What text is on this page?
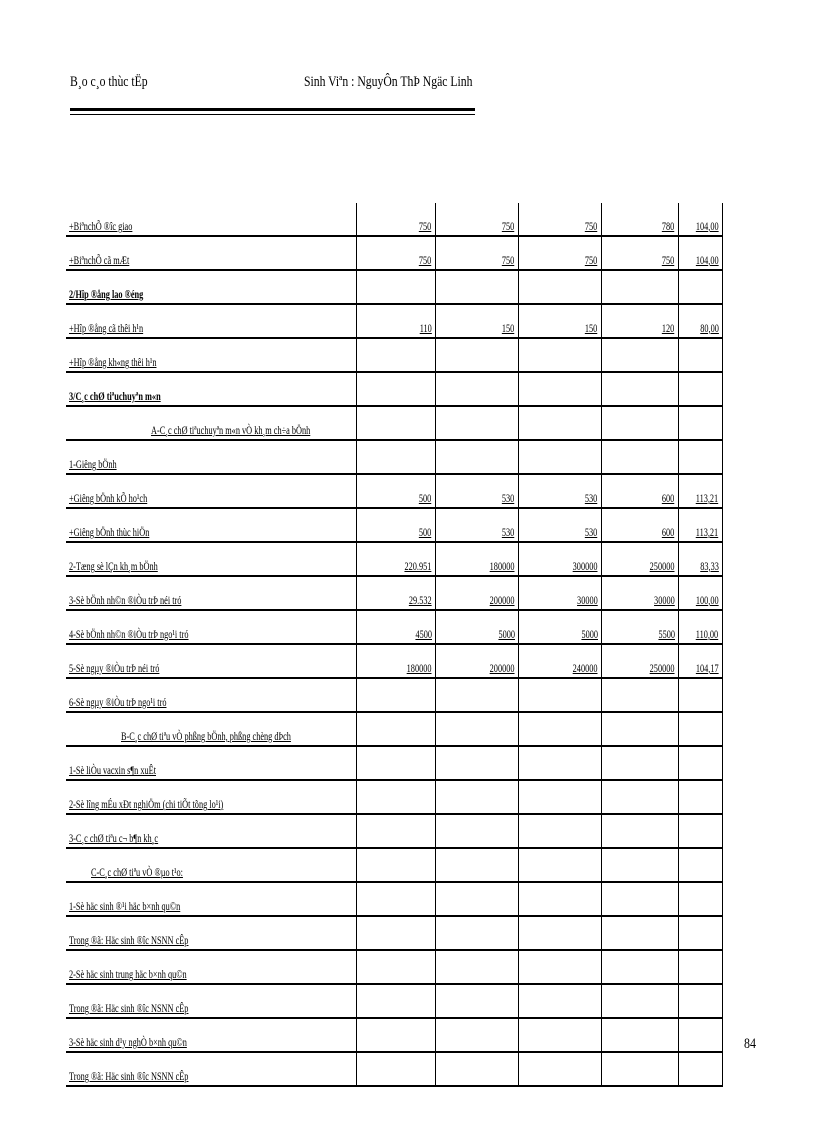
B¸o c¸o thùc tËp	Sinh Viªn : NguyÔn ThÞ Ngäc Linh
+BiªnchÕ ®îc giao	750	750	750	780	104,00	
+BiªnchÕ cã mÆt	750	750	750	750	104,00	
2/Hîp ®ång lao ®éng						
+Hîp ®ång cã thêi h¹n	110	150	150	120	80,00	
+Hîp ®ång kh«ng thêi h¹n						
3/C¸c chØ tiªuchuyªn m«n						
A-C¸c chØ tiªuchuyªn m«n vÒ kh¸m ch÷a bÖnh						
1-Giêng bÖnh						
+Giêng bÖnh kÕ ho¹ch	500	530	530	600	113,21	
+Giêng bÖnh thùc hiÖn	500	530	530	600	113,21	
2-Tæng sè lÇn kh¸m bÖnh	220.951	180000	300000	250000	83,33	
3-Sè bÖnh nh©n ®iÒu trÞ néi tró	29.532	200000	30000	30000	100,00	
4-Sè bÖnh nh©n ®iÒu trÞ ngo¹i tró	4500	5000	5000	5500	110,00	
5-Sè ngµy ®iÒu trÞ néi tró	180000	200000	240000	250000	104,17	
6-Sè ngµy ®iÒu trÞ ngo¹i tró						
B-C¸c chØ tiªu vÒ phßng bÖnh, phßng chèng dÞch						
1-Sè liÒu vacxin s¶n xuÊt						
2-Sè lîng mÉu xÐt nghiÖm (chi tiÕt tõng lo¹i)						
3-C¸c chØ tiªu c¬ b¶n kh¸c						
C-C¸c chØ tiªu vÒ ®µo t¹o:						
1-Sè häc sinh ®¹i häc b×nh qu©n						
Trong ®ã: Häc sinh ®îc NSNN cÊp						
2-Sè häc sinh trung häc b×nh qu©n						
Trong ®ã: Häc sinh ®îc NSNN cÊp						
3-Sè häc sinh d¹y nghÒ b×nh qu©n						
Trong ®ã: Häc sinh ®îc NSNN cÊp						
84
